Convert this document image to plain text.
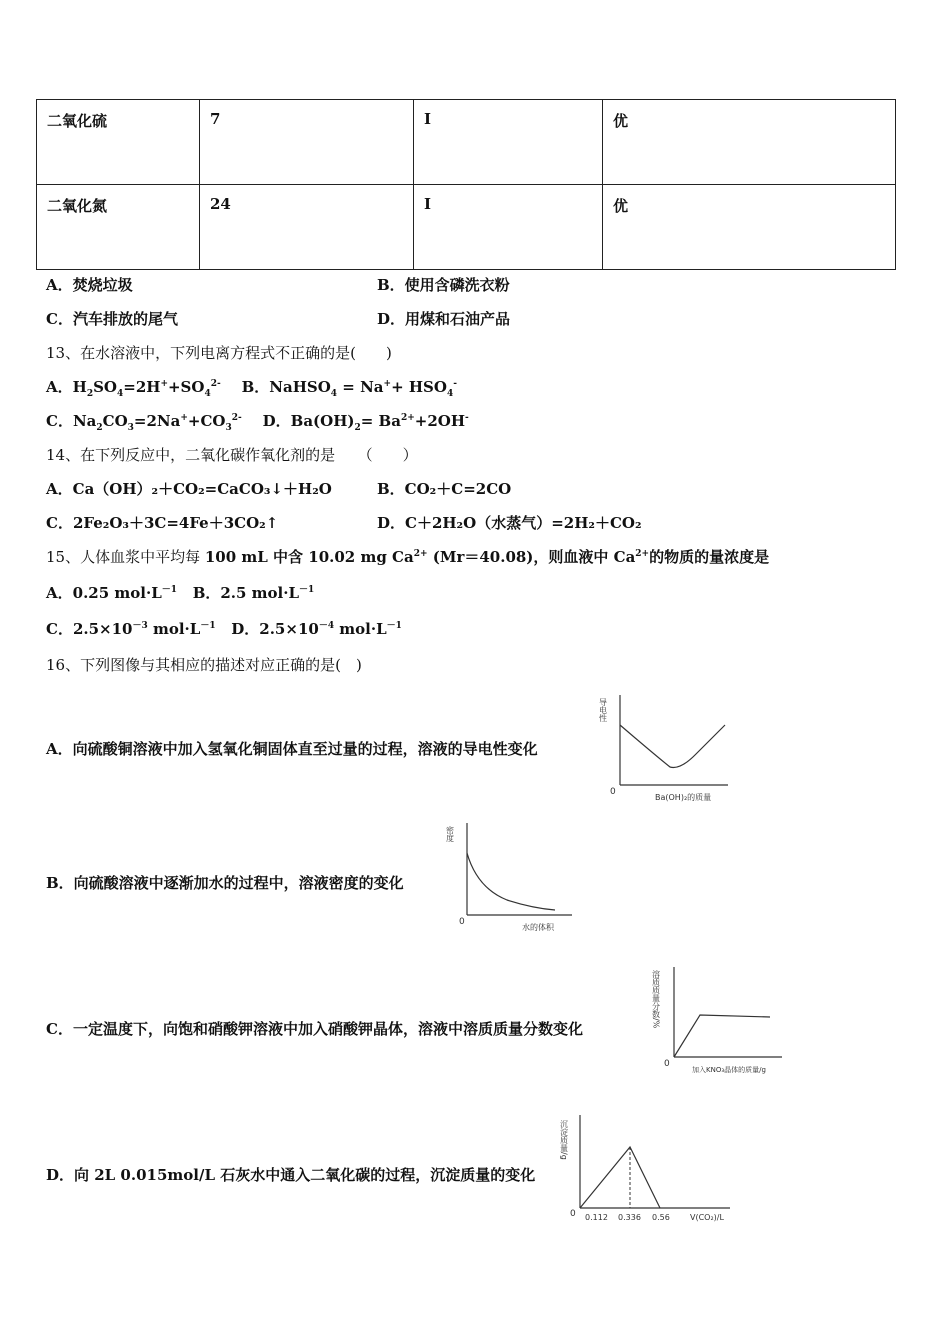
二氧化硫	7	I	优
二氧化氮	24	I	优
A．焚烧垃圾	B．使用含磷洗衣粉
C．汽车排放的尾气	D．用煤和石油产品
13、在水溶液中，下列电离方程式不正确的是(　　)
A．$H_2SO_4=2H^++SO_4^{2-}$ B．NaHSO$_4$ = $Na^++ HSO_4^-$
C．$Na_2CO_3=2Na^++CO_3^{2-}$ D．$Ba(OH)_2= Ba^{2+}+2OH^-$
14、在下列反应中，二氧化碳作氧化剂的是　　（　　）
A．Ca（OH）₂＋CO₂=CaCO₃↓＋H₂O	B．CO₂＋C=2CO
C．2Fe₂O₃＋3C=4Fe＋3CO₂↑	D．C＋2H₂O（水蒸气）=2H₂＋CO₂
15、人体血浆中平均每 100 mL 中含 10.02 mg $Ca^{2+}$ (Mr＝40.08)，则血液中 $Ca^{2+}$的物质的量浓度是
A．0.25 $mol\cdot L^{-1}$ B．2.5 $mol\cdot L^{-1}$
C．$2.5\times 10^{-3}$ $mol\cdot L^{-1}$ D．$2.5\times 10^{-4}$ $mol\cdot L^{-1}$
16、下列图像与其相应的描述对应正确的是(　)
A．向硫酸铜溶液中加入氢氧化铜固体直至过量的过程，溶液的导电性变化
导电性
0
Ba(OH)₂的质量
B．向硫酸溶液中逐渐加水的过程中，溶液密度的变化
密度
0
水的体积
C．一定温度下，向饱和硝酸钾溶液中加入硝酸钾晶体，溶液中溶质质量分数变化
溶质质量分数/%
0
加入KNO₃晶体的质量/g
D．向 2L 0.015mol/L 石灰水中通入二氧化碳的过程，沉淀质量的变化
沉淀质量/g
0 0.112 0.336 0.56	V(CO₂)/L
